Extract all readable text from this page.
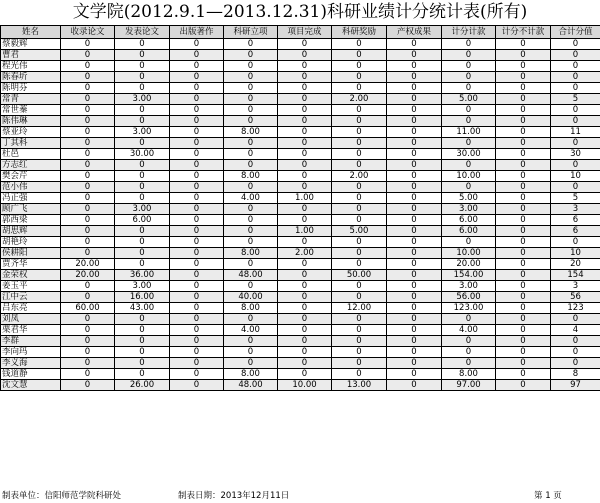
文学院(2012.9.1—2013.12.31)科研业绩计分统计表(所有)
姓名	收录论文	发表论文	出版著作	科研立项	项目完成	科研奖励	产权成果	计分计款	计分不计款	合计分值
蔡毅辉	0	0	0	0	0	0	0	0	0	0
曹君	0	0	0	0	0	0	0	0	0	0
程光伟	0	0	0	0	0	0	0	0	0	0
陈春圻	0	0	0	0	0	0	0	0	0	0
陈明芬	0	0	0	0	0	0	0	0	0	0
常青	0	3.00	0	0	0	2.00	0	5.00	0	5
常世蓁	0	0	0	0	0	0	0	0	0	0
陈伟琳	0	0	0	0	0	0	0	0	0	0
蔡亚玲	0	3.00	0	8.00	0	0	0	11.00	0	11
丁其科	0	0	0	0	0	0	0	0	0	0
杜邑	0	30.00	0	0	0	0	0	30.00	0	30
方志红	0	0	0	0	0	0	0	0	0	0
樊会芹	0	0	0	8.00	0	2.00	0	10.00	0	10
范小伟	0	0	0	0	0	0	0	0	0	0
冯正强	0	0	0	4.00	1.00	0	0	5.00	0	5
顾广飞	0	3.00	0	0	0	0	0	3.00	0	3
郭西梁	0	6.00	0	0	0	0	0	6.00	0	6
胡思辉	0	0	0	0	1.00	5.00	0	6.00	0	6
胡艳玲	0	0	0	0	0	0	0	0	0	0
侯耕阳	0	0	0	8.00	2.00	0	0	10.00	0	10
贾齐华	20.00	0	0	0	0	0	0	20.00	0	20
金荣权	20.00	36.00	0	48.00	0	50.00	0	154.00	0	154
姜玉平	0	3.00	0	0	0	0	0	3.00	0	3
江中云	0	16.00	0	40.00	0	0	0	56.00	0	56
吕东亮	60.00	43.00	0	8.00	0	12.00	0	123.00	0	123
刘凤	0	0	0	0	0	0	0	0	0	0
栗君华	0	0	0	4.00	0	0	0	4.00	0	4
李群	0	0	0	0	0	0	0	0	0	0
李向玛	0	0	0	0	0	0	0	0	0	0
李义海	0	0	0	0	0	0	0	0	0	0
钱道静	0	0	0	8.00	0	0	0	8.00	0	8
沈文慧	0	26.00	0	48.00	10.00	13.00	0	97.00	0	97
制表单位：信阳师范学院科研处	制表日期：2013年12月11日	第 1 页
